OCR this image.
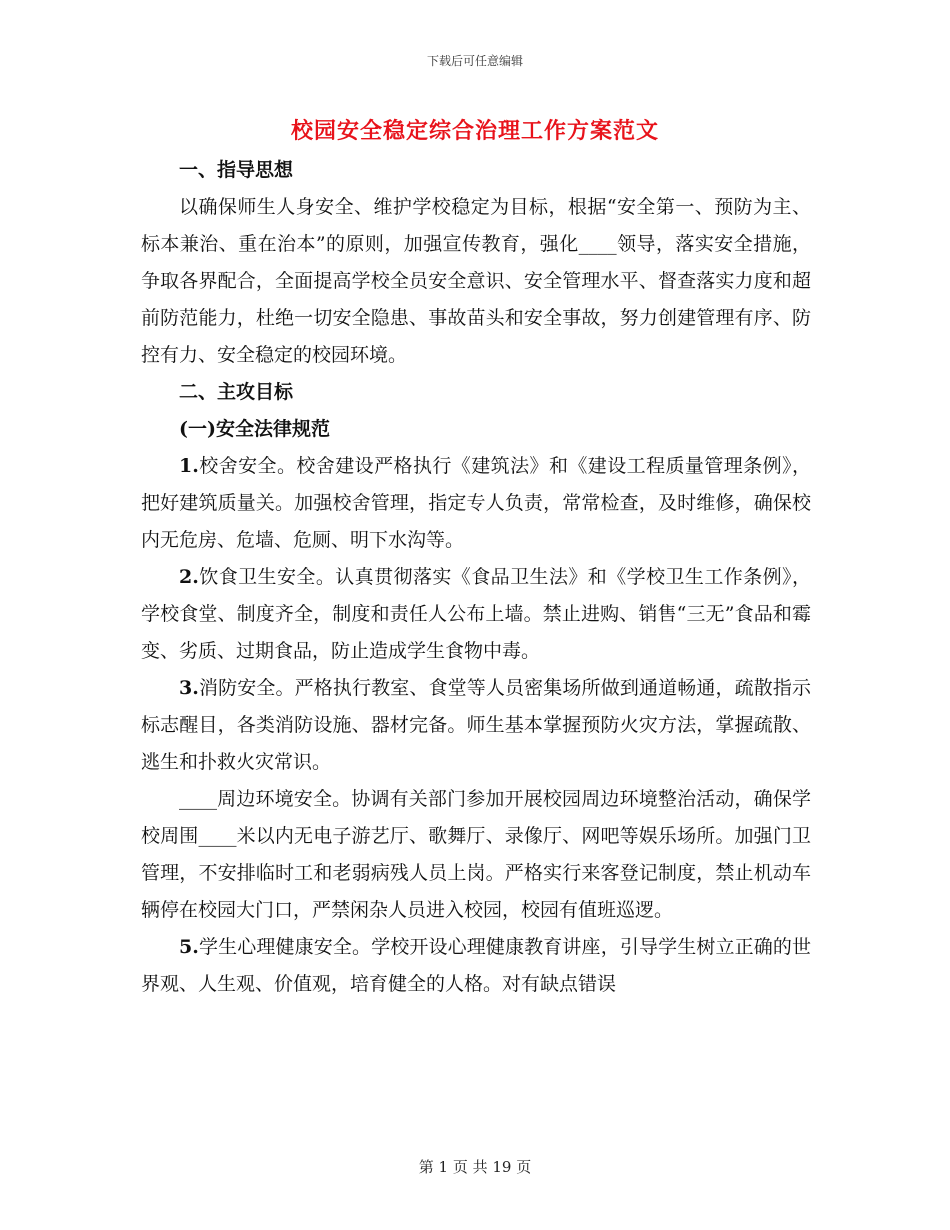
下载后可任意编辑
校园安全稳定综合治理工作方案范文

一、指导思想

以确保师生人身安全、维护学校稳定为目标，根据“安全第一、预防为主、标本兼治、重在治本”的原则，加强宣传教育，强化____领导，落实安全措施，争取各界配合，全面提高学校全员安全意识、安全管理水平、督查落实力度和超前防范能力，杜绝一切安全隐患、事故苗头和安全事故，努力创建管理有序、防控有力、安全稳定的校园环境。

二、主攻目标

(一)安全法律规范

1.校舍安全。校舍建设严格执行《建筑法》和《建设工程质量管理条例》，把好建筑质量关。加强校舍管理，指定专人负责，常常检查，及时维修，确保校内无危房、危墙、危厕、明下水沟等。

2.饮食卫生安全。认真贯彻落实《食品卫生法》和《学校卫生工作条例》，学校食堂、制度齐全，制度和责任人公布上墙。禁止进购、销售“三无”食品和霉变、劣质、过期食品，防止造成学生食物中毒。

3.消防安全。严格执行教室、食堂等人员密集场所做到通道畅通，疏散指示标志醒目，各类消防设施、器材完备。师生基本掌握预防火灾方法，掌握疏散、逃生和扑救火灾常识。

____周边环境安全。协调有关部门参加开展校园周边环境整治活动，确保学校周围____米以内无电子游艺厅、歌舞厅、录像厅、网吧等娱乐场所。加强门卫管理，不安排临时工和老弱病残人员上岗。严格实行来客登记制度，禁止机动车辆停在校园大门口，严禁闲杂人员进入校园，校园有值班巡逻。

5.学生心理健康安全。学校开设心理健康教育讲座，引导学生树立正确的世界观、人生观、价值观，培育健全的人格。对有缺点错误

第 1 页 共 19 页
